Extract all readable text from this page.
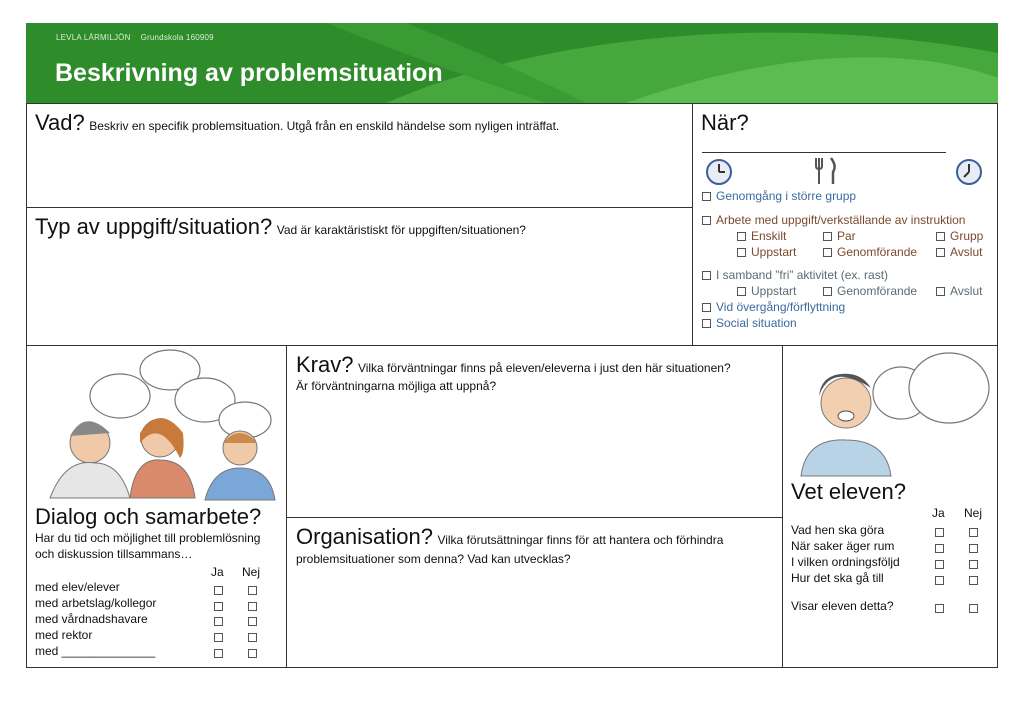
LEVLA LÄRMILJÖN Grundskola 160909
Beskrivning av problemsituation
Vad? Beskriv en specifik problemsituation. Utgå från en enskild händelse som nyligen inträffat.
Typ av uppgift/situation? Vad är karaktäristiskt för uppgiften/situationen?
När?
Genomgång i större grupp
Arbete med uppgift/verkställande av instruktion
Enskilt	Par	Grupp
Uppstart	Genomförande	Avslut
I samband ”fri” aktivitet (ex. rast)
Uppstart	Genomförande	Avslut
Vid övergång/förflyttning
Social situation
Dialog och samarbete?
Har du tid och möjlighet till problemlösning
och diskussion tillsammans…
Ja Nej
med elev/elever
med arbetslag/kollegor
med vårdnadshavare
med rektor
med ______________
Krav? Vilka förväntningar finns på eleven/eleverna i just den här situationen?
Är förväntningarna möjliga att uppnå?
Organisation? Vilka förutsättningar finns för att hantera och förhindra
problemsituationer som denna? Vad kan utvecklas?
Vet eleven?
Ja Nej
Vad hen ska göra
När saker äger rum
I vilken ordningsföljd
Hur det ska gå till
Visar eleven detta?
